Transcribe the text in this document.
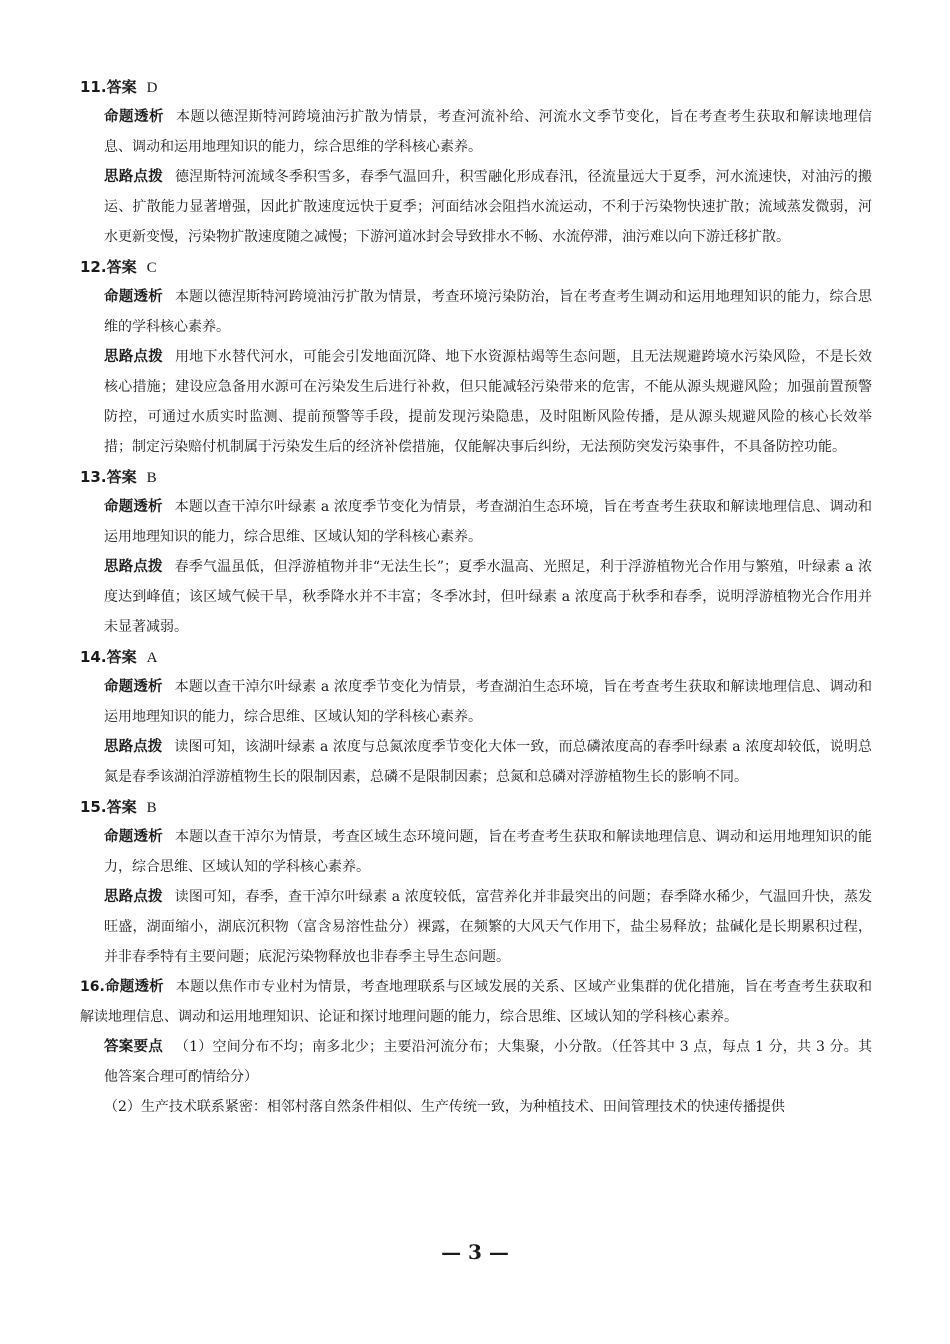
11.答案 D

命题透析 本题以德涅斯特河跨境油污扩散为情景，考查河流补给、河流水文季节变化，旨在考查考生获取和解读地理信息、调动和运用地理知识的能力，综合思维的学科核心素养。

思路点拨 德涅斯特河流域冬季积雪多，春季气温回升，积雪融化形成春汛，径流量远大于夏季，河水流速快，对油污的搬运、扩散能力显著增强，因此扩散速度远快于夏季；河面结冰会阻挡水流运动，不利于污染物快速扩散；流域蒸发微弱，河水更新变慢，污染物扩散速度随之减慢；下游河道冰封会导致排水不畅、水流停滞，油污难以向下游迁移扩散。

12.答案 C

命题透析 本题以德涅斯特河跨境油污扩散为情景，考查环境污染防治，旨在考查考生调动和运用地理知识的能力，综合思维的学科核心素养。

思路点拨 用地下水替代河水，可能会引发地面沉降、地下水资源枯竭等生态问题，且无法规避跨境水污染风险，不是长效核心措施；建设应急备用水源可在污染发生后进行补救，但只能减轻污染带来的危害，不能从源头规避风险；加强前置预警防控，可通过水质实时监测、提前预警等手段，提前发现污染隐患，及时阻断风险传播，是从源头规避风险的核心长效举措；制定污染赔付机制属于污染发生后的经济补偿措施，仅能解决事后纠纷，无法预防突发污染事件，不具备防控功能。

13.答案 B

命题透析 本题以查干淖尔叶绿素 a 浓度季节变化为情景，考查湖泊生态环境，旨在考查考生获取和解读地理信息、调动和运用地理知识的能力，综合思维、区域认知的学科核心素养。

思路点拨 春季气温虽低，但浮游植物并非“无法生长”；夏季水温高、光照足，利于浮游植物光合作用与繁殖，叶绿素 a 浓度达到峰值；该区域气候干旱，秋季降水并不丰富；冬季冰封，但叶绿素 a 浓度高于秋季和春季，说明浮游植物光合作用并未显著减弱。

14.答案 A

命题透析 本题以查干淖尔叶绿素 a 浓度季节变化为情景，考查湖泊生态环境，旨在考查考生获取和解读地理信息、调动和运用地理知识的能力，综合思维、区域认知的学科核心素养。

思路点拨 读图可知，该湖叶绿素 a 浓度与总氮浓度季节变化大体一致，而总磷浓度高的春季叶绿素 a 浓度却较低，说明总氮是春季该湖泊浮游植物生长的限制因素，总磷不是限制因素；总氮和总磷对浮游植物生长的影响不同。

15.答案 B

命题透析 本题以查干淖尔为情景，考查区域生态环境问题，旨在考查考生获取和解读地理信息、调动和运用地理知识的能力，综合思维、区域认知的学科核心素养。

思路点拨 读图可知，春季，查干淖尔叶绿素 a 浓度较低，富营养化并非最突出的问题；春季降水稀少，气温回升快，蒸发旺盛，湖面缩小，湖底沉积物（富含易溶性盐分）裸露，在频繁的大风天气作用下，盐尘易释放；盐碱化是长期累积过程，并非春季特有主要问题；底泥污染物释放也非春季主导生态问题。

16.命题透析 本题以焦作市专业村为情景，考查地理联系与区域发展的关系、区域产业集群的优化措施，旨在考查考生获取和解读地理信息、调动和运用地理知识、论证和探讨地理问题的能力，综合思维、区域认知的学科核心素养。

答案要点 （1）空间分布不均；南多北少；主要沿河流分布；大集聚，小分散。（任答其中 3 点，每点 1 分，共 3 分。其他答案合理可酌情给分）

（2）生产技术联系紧密：相邻村落自然条件相似、生产传统一致，为种植技术、田间管理技术的快速传播提供

— 3 —
